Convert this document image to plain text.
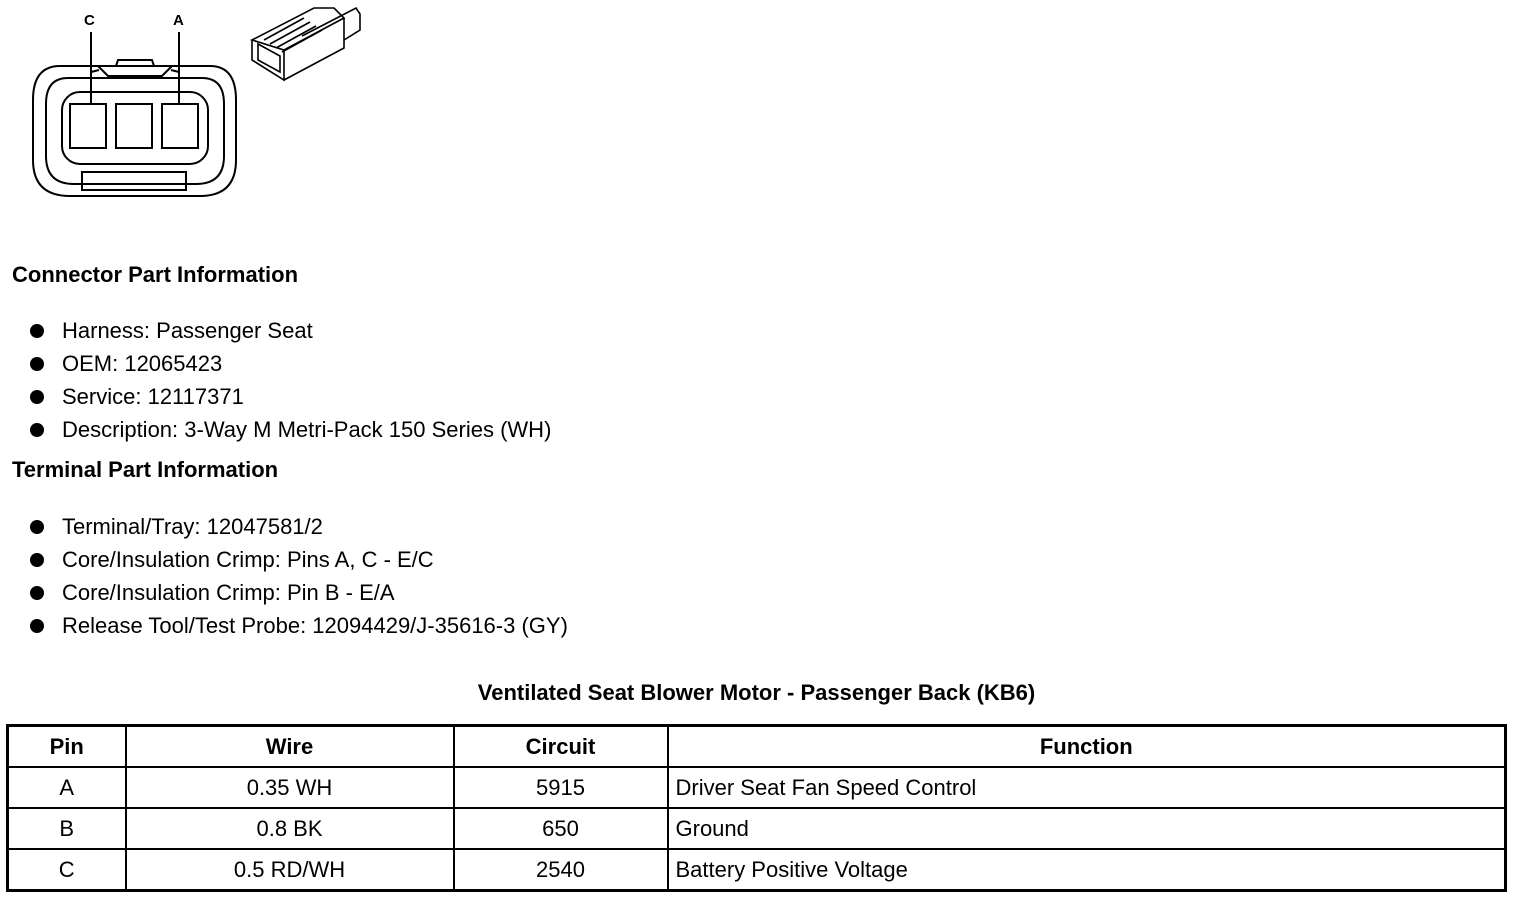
C	A
Connector Part Information
Harness: Passenger Seat
OEM: 12065423
Service: 12117371
Description: 3-Way M Metri-Pack 150 Series (WH)
Terminal Part Information
Terminal/Tray: 12047581/2
Core/Insulation Crimp: Pins A, C - E/C
Core/Insulation Crimp: Pin B - E/A
Release Tool/Test Probe: 12094429/J-35616-3 (GY)
Ventilated Seat Blower Motor - Passenger Back (KB6)
Pin	Wire	Circuit	Function
A	0.35 WH	5915	Driver Seat Fan Speed Control
B	0.8 BK	650	Ground
C	0.5 RD/WH	2540	Battery Positive Voltage
